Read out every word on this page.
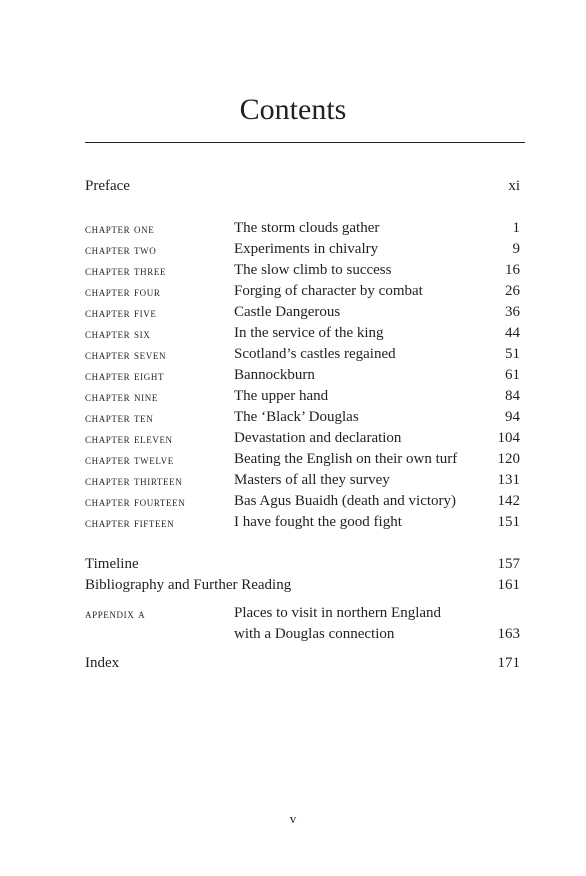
Contents
Preface	xi
chapter one	The storm clouds gather	1
chapter two	Experiments in chivalry	9
chapter three	The slow climb to success	16
chapter four	Forging of character by combat	26
chapter five	Castle Dangerous	36
chapter six	In the service of the king	44
chapter seven	Scotland’s castles regained	51
chapter eight	Bannockburn	61
chapter nine	The upper hand	84
chapter ten	The ‘Black’ Douglas	94
chapter eleven	Devastation and declaration	104
chapter twelve	Beating the English on their own turf	120
chapter thirteen	Masters of all they survey	131
chapter fourteen	Bas Agus Buaidh (death and victory)	142
chapter fifteen	I have fought the good fight	151
Timeline	157
Bibliography and Further Reading	161
appendix a	Places to visit in northern England
with a Douglas connection	163
Index	171
v
